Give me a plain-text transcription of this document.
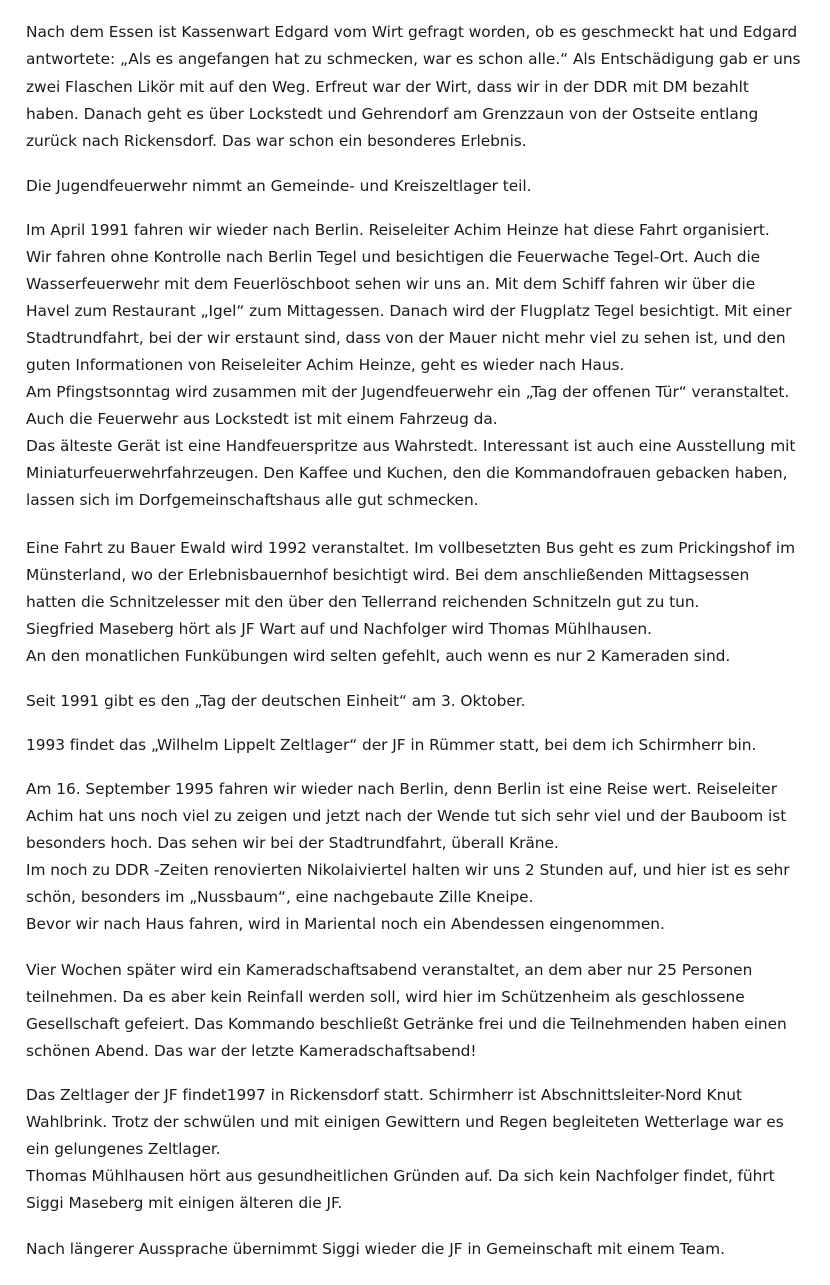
Nach dem Essen ist Kassenwart Edgard vom Wirt gefragt worden, ob es geschmeckt hat und Edgard
antwortete: „Als es angefangen hat zu schmecken, war es schon alle.“ Als Entschädigung gab er uns
zwei Flaschen Likör mit auf den Weg. Erfreut war der Wirt, dass wir in der DDR mit DM bezahlt
haben. Danach geht es über Lockstedt und Gehrendorf am Grenzzaun von der Ostseite entlang
zurück nach Rickensdorf. Das war schon ein besonderes Erlebnis.
Die Jugendfeuerwehr nimmt an Gemeinde- und Kreiszeltlager teil.
Im April 1991 fahren wir wieder nach Berlin. Reiseleiter Achim Heinze hat diese Fahrt organisiert.
Wir fahren ohne Kontrolle nach Berlin Tegel und besichtigen die Feuerwache Tegel-Ort. Auch die
Wasserfeuerwehr mit dem Feuerlöschboot sehen wir uns an. Mit dem Schiff fahren wir über die
Havel zum Restaurant „Igel“ zum Mittagessen. Danach wird der Flugplatz Tegel besichtigt. Mit einer
Stadtrundfahrt, bei der wir erstaunt sind, dass von der Mauer nicht mehr viel zu sehen ist, und den
guten Informationen von Reiseleiter Achim Heinze, geht es wieder nach Haus.
Am Pfingstsonntag wird zusammen mit der Jugendfeuerwehr ein „Tag der offenen Tür“ veranstaltet.
Auch die Feuerwehr aus Lockstedt ist mit einem Fahrzeug da.
Das älteste Gerät ist eine Handfeuerspritze aus Wahrstedt. Interessant ist auch eine Ausstellung mit
Miniaturfeuerwehrfahrzeugen. Den Kaffee und Kuchen, den die Kommandofrauen gebacken haben,
lassen sich im Dorfgemeinschaftshaus alle gut schmecken.
Eine Fahrt zu Bauer Ewald wird 1992 veranstaltet. Im vollbesetzten Bus geht es zum Prickingshof im
Münsterland, wo der Erlebnisbauernhof besichtigt wird. Bei dem anschließenden Mittagsessen
hatten die Schnitzelesser mit den über den Tellerrand reichenden Schnitzeln gut zu tun.
Siegfried Maseberg hört als JF Wart auf und Nachfolger wird Thomas Mühlhausen.
An den monatlichen Funkübungen wird selten gefehlt, auch wenn es nur 2 Kameraden sind.
Seit 1991 gibt es den „Tag der deutschen Einheit“ am 3. Oktober.
1993 findet das „Wilhelm Lippelt Zeltlager“ der JF in Rümmer statt, bei dem ich Schirmherr bin.
Am 16. September 1995 fahren wir wieder nach Berlin, denn Berlin ist eine Reise wert. Reiseleiter
Achim hat uns noch viel zu zeigen und jetzt nach der Wende tut sich sehr viel und der Bauboom ist
besonders hoch. Das sehen wir bei der Stadtrundfahrt, überall Kräne.
Im noch zu DDR -Zeiten renovierten Nikolaiviertel halten wir uns 2 Stunden auf, und hier ist es sehr
schön, besonders im „Nussbaum“, eine nachgebaute Zille Kneipe.
Bevor wir nach Haus fahren, wird in Mariental noch ein Abendessen eingenommen.
Vier Wochen später wird ein Kameradschaftsabend veranstaltet, an dem aber nur 25 Personen
teilnehmen. Da es aber kein Reinfall werden soll, wird hier im Schützenheim als geschlossene
Gesellschaft gefeiert. Das Kommando beschließt Getränke frei und die Teilnehmenden haben einen
schönen Abend. Das war der letzte Kameradschaftsabend!
Das Zeltlager der JF findet1997 in Rickensdorf statt. Schirmherr ist Abschnittsleiter-Nord Knut
Wahlbrink. Trotz der schwülen und mit einigen Gewittern und Regen begleiteten Wetterlage war es
ein gelungenes Zeltlager.
Thomas Mühlhausen hört aus gesundheitlichen Gründen auf. Da sich kein Nachfolger findet, führt
Siggi Maseberg mit einigen älteren die JF.
Nach längerer Aussprache übernimmt Siggi wieder die JF in Gemeinschaft mit einem Team.
